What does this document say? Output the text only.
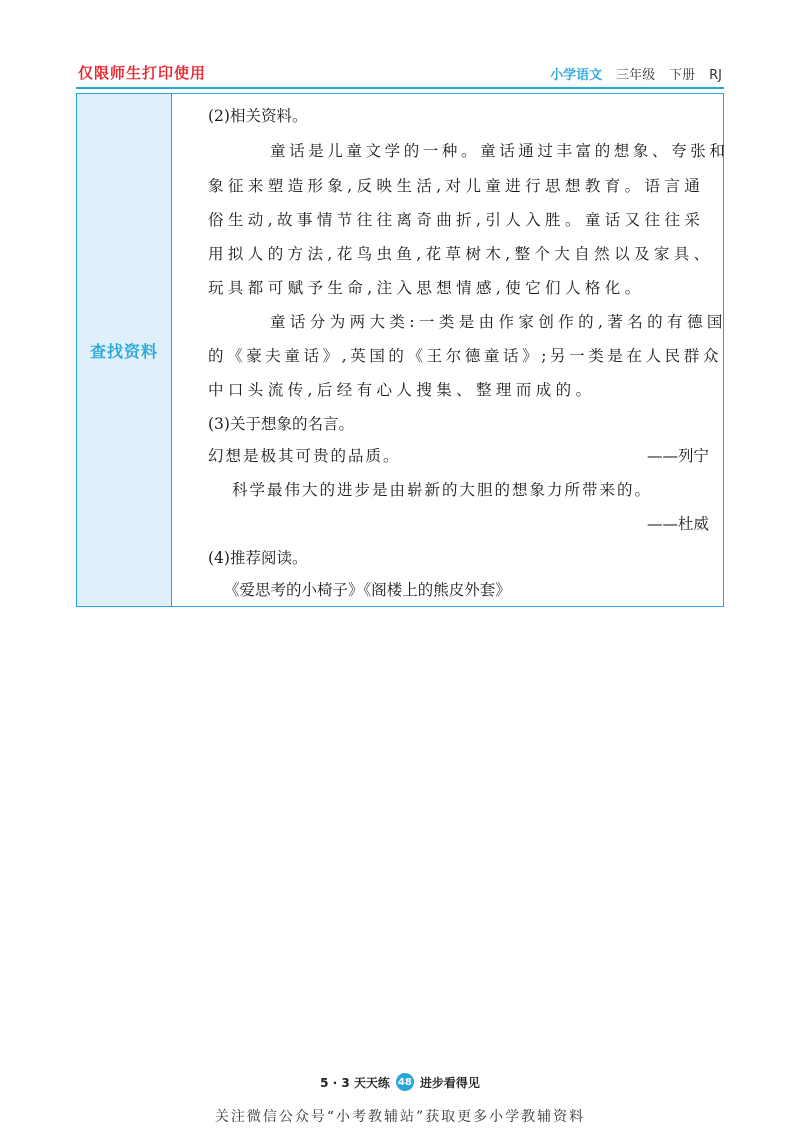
仅限师生打印使用	小学语文 三年级 下册 RJ
查找资料
(2)相关资料。
童话是儿童文学的一种。童话通过丰富的想象、夸张和
象征来塑造形象,反映生活,对儿童进行思想教育。语言通
俗生动,故事情节往往离奇曲折,引人入胜。童话又往往采
用拟人的方法,花鸟虫鱼,花草树木,整个大自然以及家具、
玩具都可赋予生命,注入思想情感,使它们人格化。
童话分为两大类:一类是由作家创作的,著名的有德国
的《豪夫童话》,英国的《王尔德童话》;另一类是在人民群众
中口头流传,后经有心人搜集、整理而成的。
(3)关于想象的名言。
幻想是极其可贵的品质。	——列宁
科学最伟大的进步是由崭新的大胆的想象力所带来的。
——杜威
(4)推荐阅读。
《爱思考的小椅子》《阁楼上的熊皮外套》
5 · 3 天天练 48 进步看得见
关注微信公众号“小考教辅站”获取更多小学教辅资料
